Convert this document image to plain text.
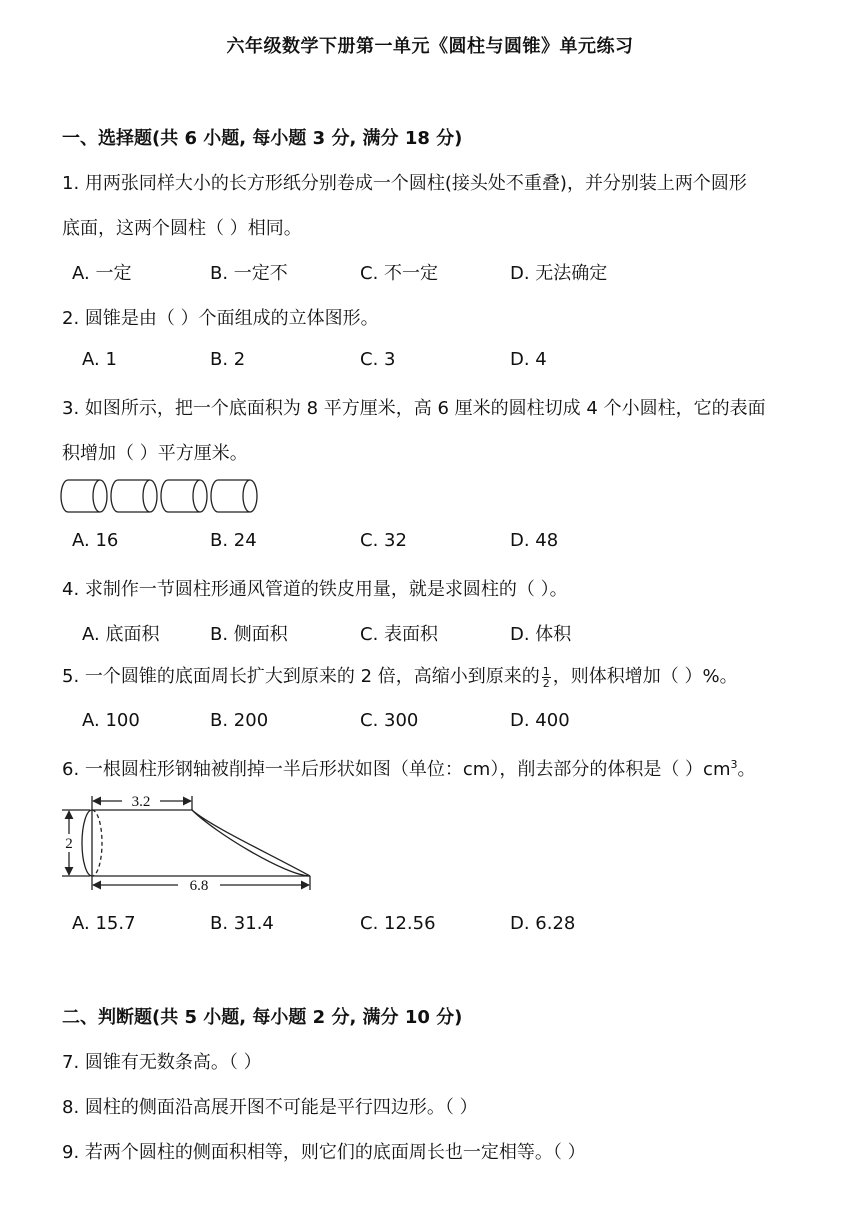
六年级数学下册第一单元《圆柱与圆锥》单元练习
一、选择题(共 6 小题, 每小题 3 分, 满分 18 分)
1. 用两张同样大小的长方形纸分别卷成一个圆柱(接头处不重叠)，并分别装上两个圆形
底面，这两个圆柱（ ）相同。
A. 一定	B. 一定不	C. 不一定	D. 无法确定
2. 圆锥是由（ ）个面组成的立体图形。
A. 1	B. 2	C. 3	D. 4
3. 如图所示，把一个底面积为 8 平方厘米，高 6 厘米的圆柱切成 4 个小圆柱，它的表面
积增加（ ）平方厘米。
A. 16	B. 24	C. 32	D. 48
4. 求制作一节圆柱形通风管道的铁皮用量，就是求圆柱的（ ）。
A. 底面积	B. 侧面积	C. 表面积	D. 体积
5. 一个圆锥的底面周长扩大到原来的 2 倍，高缩小到原来的 $\frac{1}{2}$ ，则体积增加（ ）%。
A. 100	B. 200	C. 300	D. 400
6. 一根圆柱形钢轴被削掉一半后形状如图（单位：cm），削去部分的体积是（ ）$cm^3$。
3.2
2
6.8
A. 15.7	B. 31.4	C. 12.56	D. 6.28
二、判断题(共 5 小题, 每小题 2 分, 满分 10 分)
7. 圆锥有无数条高。（ ）
8. 圆柱的侧面沿高展开图不可能是平行四边形。（ ）
9. 若两个圆柱的侧面积相等，则它们的底面周长也一定相等。（ ）
